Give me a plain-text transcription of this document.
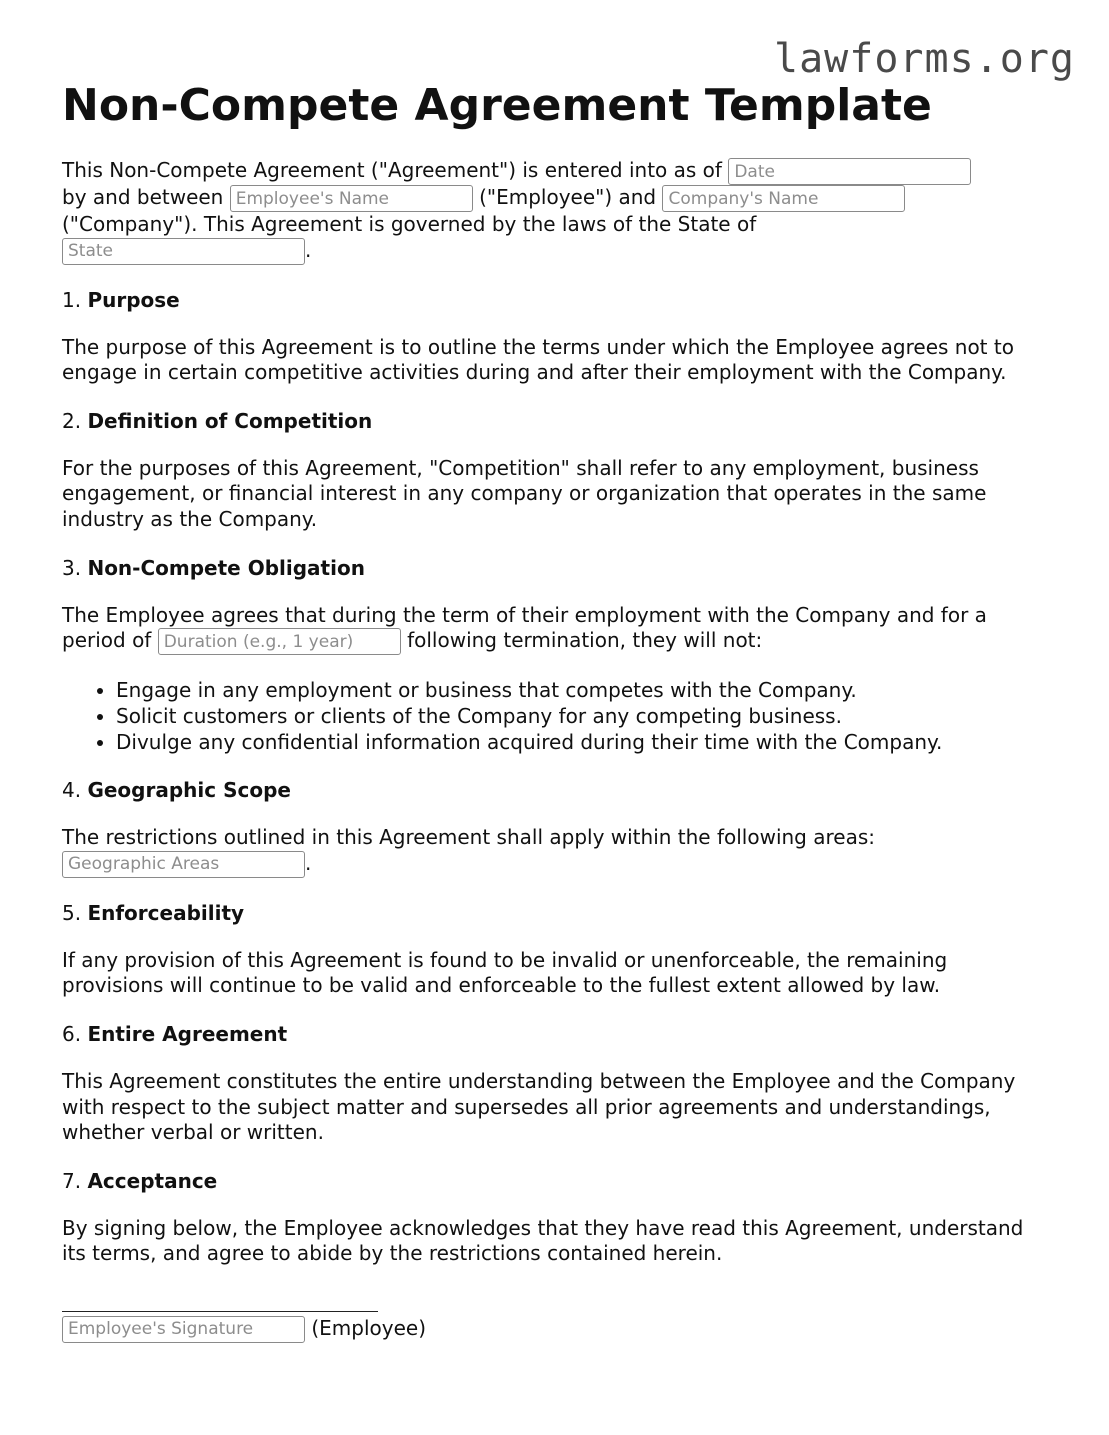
lawforms.org
Non-Compete Agreement Template

This Non-Compete Agreement ("Agreement") is entered into as of Date
by and between Employee's Name	("Employee") and Company's Name
("Company"). This Agreement is governed by the laws of the State of
State.

1. Purpose

The purpose of this Agreement is to outline the terms under which the Employee agrees not to engage in certain competitive activities during and after their employment with the Company.

2. Definition of Competition

For the purposes of this Agreement, "Competition" shall refer to any employment, business engagement, or financial interest in any company or organization that operates in the same industry as the Company.

3. Non-Compete Obligation

The Employee agrees that during the term of their employment with the Company and for a period of Duration (e.g., 1 year)	following termination, they will not:

• Engage in any employment or business that competes with the Company.
• Solicit customers or clients of the Company for any competing business.
• Divulge any confidential information acquired during their time with the Company.
4. Geographic Scope

The restrictions outlined in this Agreement shall apply within the following areas:
Geographic Areas.

5. Enforceability

If any provision of this Agreement is found to be invalid or unenforceable, the remaining provisions will continue to be valid and enforceable to the fullest extent allowed by law.

6. Entire Agreement

This Agreement constitutes the entire understanding between the Employee and the Company with respect to the subject matter and supersedes all prior agreements and understandings, whether verbal or written.

7. Acceptance

By signing below, the Employee acknowledges that they have read this Agreement, understand its terms, and agree to abide by the restrictions contained herein.

Employee's Signature (Employee)
